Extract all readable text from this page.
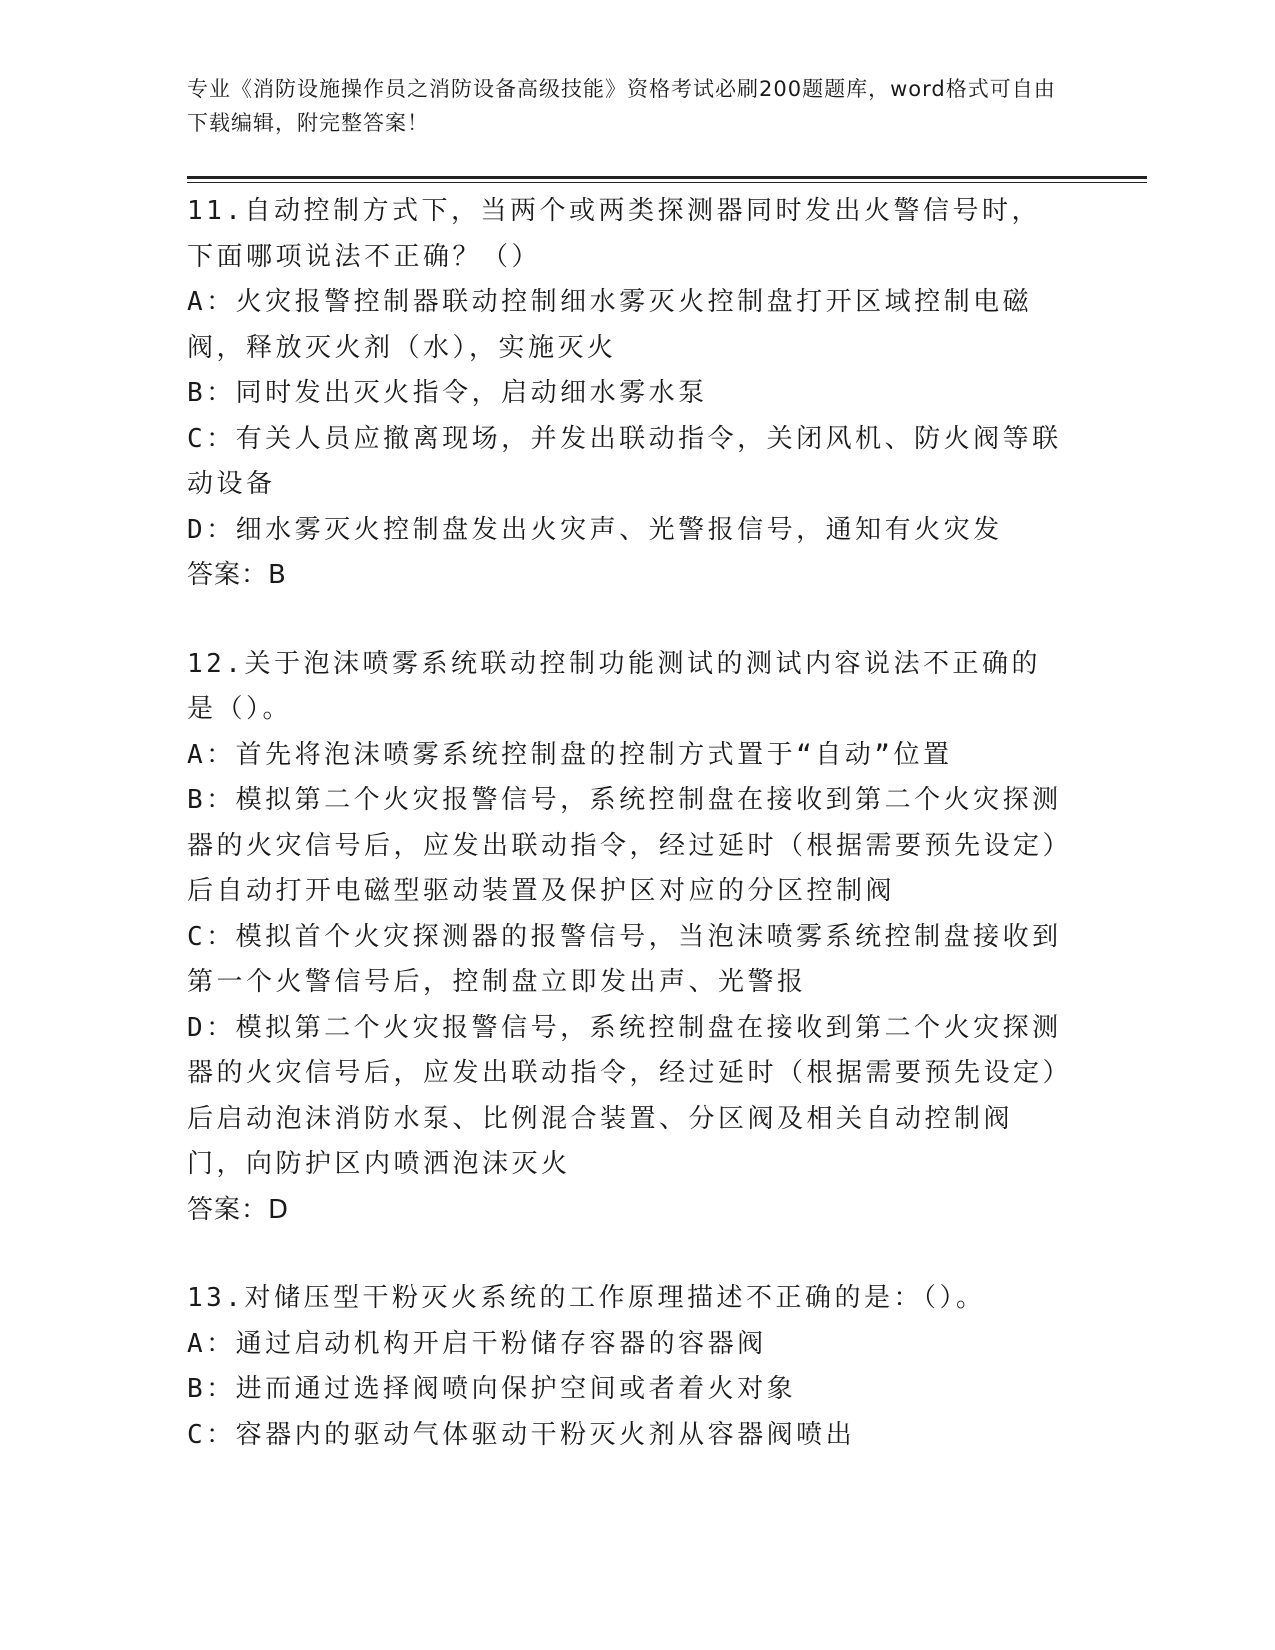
专业《消防设施操作员之消防设备高级技能》资格考试必刷200题题库，word格式可自由下载编辑，附完整答案！

11.自动控制方式下，当两个或两类探测器同时发出火警信号时，下面哪项说法不正确？（）

A：火灾报警控制器联动控制细水雾灭火控制盘打开区域控制电磁阀，释放灭火剂（水），实施灭火

B：同时发出灭火指令，启动细水雾水泵

C：有关人员应撤离现场，并发出联动指令，关闭风机、防火阀等联动设备

D：细水雾灭火控制盘发出火灾声、光警报信号，通知有火灾发

答案：B

12.关于泡沫喷雾系统联动控制功能测试的测试内容说法不正确的是（）。

A：首先将泡沫喷雾系统控制盘的控制方式置于“自动”位置

B：模拟第二个火灾报警信号，系统控制盘在接收到第二个火灾探测器的火灾信号后，应发出联动指令，经过延时（根据需要预先设定）后自动打开电磁型驱动装置及保护区对应的分区控制阀

C：模拟首个火灾探测器的报警信号，当泡沫喷雾系统控制盘接收到第一个火警信号后，控制盘立即发出声、光警报

D：模拟第二个火灾报警信号，系统控制盘在接收到第二个火灾探测器的火灾信号后，应发出联动指令，经过延时（根据需要预先设定）后启动泡沫消防水泵、比例混合装置、分区阀及相关自动控制阀门，向防护区内喷洒泡沫灭火

答案：D

13.对储压型干粉灭火系统的工作原理描述不正确的是：（）。

A：通过启动机构开启干粉储存容器的容器阀

B：进而通过选择阀喷向保护空间或者着火对象

C：容器内的驱动气体驱动干粉灭火剂从容器阀喷出
